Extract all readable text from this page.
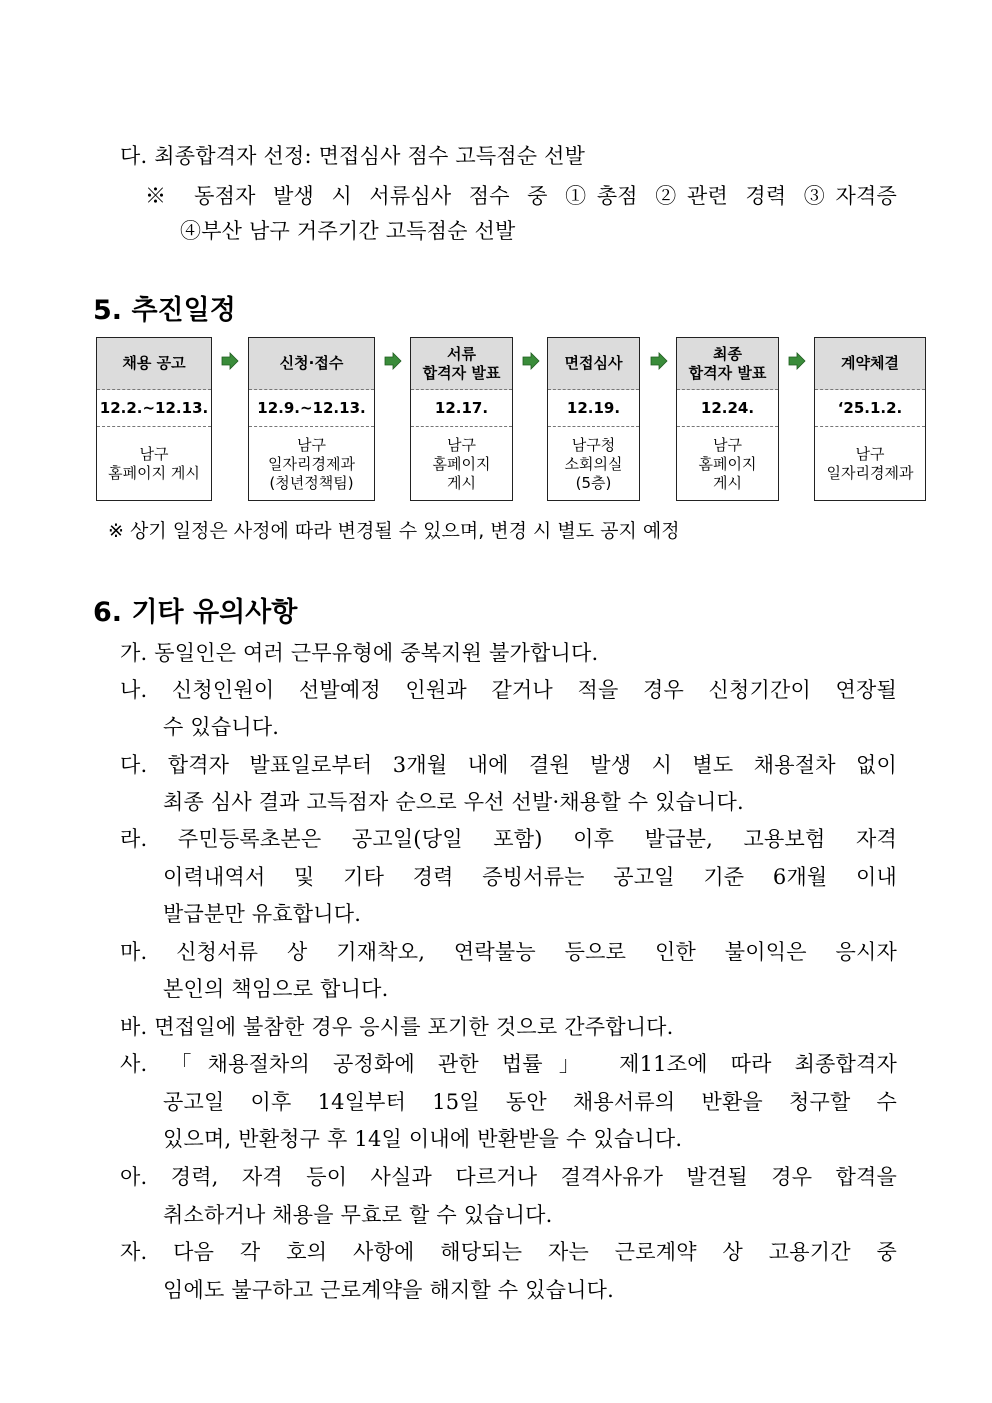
다. 최종합격자 선정: 면접심사 점수 고득점순 선발
※ 동점자 발생 시 서류심사 점수 중 ①총점 ②관련 경력 ③자격증
④부산 남구 거주기간 고득점순 선발
5. 추진일정
채용 공고
12.2.~12.13.
남구
홈페이지 게시
신청·접수
12.9.~12.13.
남구
일자리경제과
(청년정책팀)
서류
합격자 발표
12.17.
남구
홈페이지
게시
면접심사
12.19.
남구청
소회의실
(5층)
최종
합격자 발표
12.24.
남구
홈페이지
게시
계약체결
‘25.1.2.
남구
일자리경제과
※ 상기 일정은 사정에 따라 변경될 수 있으며, 변경 시 별도 공지 예정
6. 기타 유의사항
가. 동일인은 여러 근무유형에 중복지원 불가합니다.
나. 신청인원이 선발예정 인원과 같거나 적을 경우 신청기간이 연장될
수 있습니다.
다. 합격자 발표일로부터 3개월 내에 결원 발생 시 별도 채용절차 없이
최종 심사 결과 고득점자 순으로 우선 선발·채용할 수 있습니다.
라. 주민등록초본은 공고일(당일 포함) 이후 발급분, 고용보험 자격
이력내역서 및 기타 경력 증빙서류는 공고일 기준 6개월 이내
발급분만 유효합니다.
마. 신청서류 상 기재착오, 연락불능 등으로 인한 불이익은 응시자
본인의 책임으로 합니다.
바. 면접일에 불참한 경우 응시를 포기한 것으로 간주합니다.
사. 「채용절차의 공정화에 관한 법률」 제11조에 따라 최종합격자
공고일 이후 14일부터 15일 동안 채용서류의 반환을 청구할 수
있으며, 반환청구 후 14일 이내에 반환받을 수 있습니다.
아. 경력, 자격 등이 사실과 다르거나 결격사유가 발견될 경우 합격을
취소하거나 채용을 무효로 할 수 있습니다.
자. 다음 각 호의 사항에 해당되는 자는 근로계약 상 고용기간 중
임에도 불구하고 근로계약을 해지할 수 있습니다.
